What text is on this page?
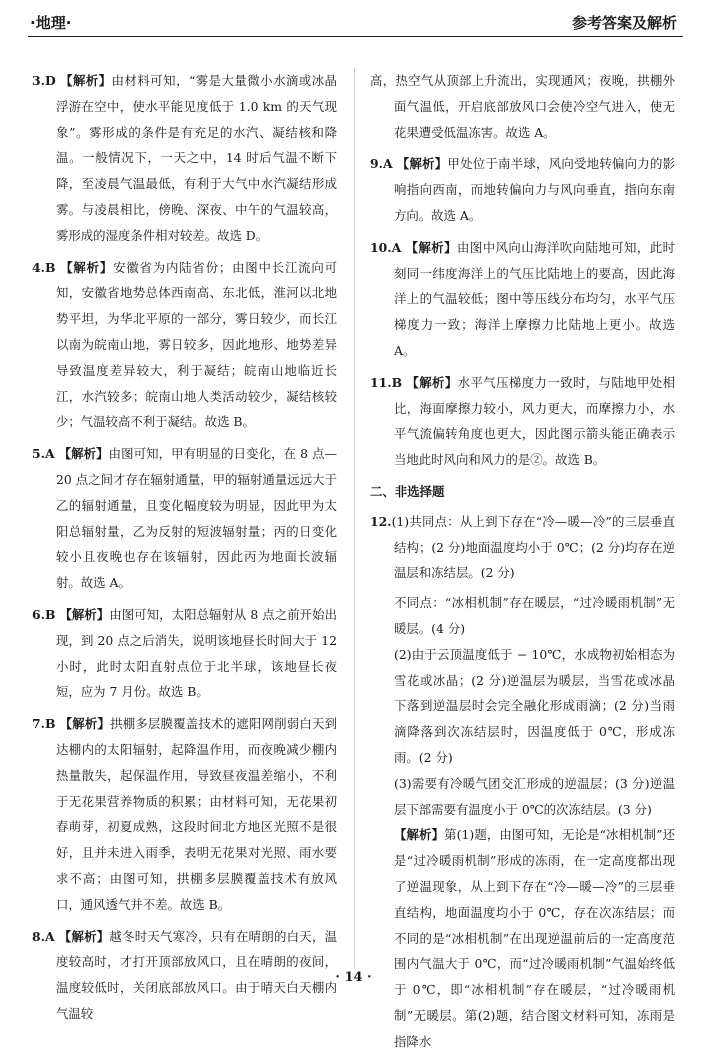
·地理·	参考答案及解析

3.D 【解析】由材料可知，“雾是大量微小水滴或冰晶浮游在空中，使水平能见度低于 1.0 km 的天气现象”。雾形成的条件是有充足的水汽、凝结核和降温。一般情况下，一天之中，14 时后气温不断下降，至凌晨气温最低，有利于大气中水汽凝结形成雾。与凌晨相比，傍晚、深夜、中午的气温较高，雾形成的湿度条件相对较差。故选 D。

4.B 【解析】安徽省为内陆省份；由图中长江流向可知，安徽省地势总体西南高、东北低，淮河以北地势平坦，为华北平原的一部分，雾日较少，而长江以南为皖南山地，雾日较多，因此地形、地势差异导致温度差异较大，利于凝结；皖南山地临近长江，水汽较多；皖南山地人类活动较少，凝结核较少；气温较高不利于凝结。故选 B。

5.A 【解析】由图可知，甲有明显的日变化，在 8 点—20 点之间才存在辐射通量，甲的辐射通量远远大于乙的辐射通量，且变化幅度较为明显，因此甲为太阳总辐射量，乙为反射的短波辐射量；丙的日变化较小且夜晚也存在该辐射，因此丙为地面长波辐射。故选 A。

6.B 【解析】由图可知，太阳总辐射从 8 点之前开始出现，到 20 点之后消失，说明该地昼长时间大于 12 小时，此时太阳直射点位于北半球，该地昼长夜短，应为 7 月份。故选 B。

7.B 【解析】拱棚多层膜覆盖技术的遮阳网削弱白天到达棚内的太阳辐射，起降温作用，而夜晚减少棚内热量散失，起保温作用，导致昼夜温差缩小，不利于无花果营养物质的积累；由材料可知，无花果初春萌芽，初夏成熟，这段时间北方地区光照不是很好，且并未进入雨季，表明无花果对光照、雨水要求不高；由图可知，拱棚多层膜覆盖技术有放风口，通风透气并不差。故选 B。

8.A 【解析】越冬时天气寒冷，只有在晴朗的白天，温度较高时，才打开顶部放风口，且在晴朗的夜间，温度较低时，关闭底部放风口。由于晴天白天棚内气温较

高，热空气从顶部上升流出，实现通风；夜晚，拱棚外面气温低，开启底部放风口会使冷空气进入，使无花果遭受低温冻害。故选 A。

9.A 【解析】甲处位于南半球，风向受地转偏向力的影响指向西南，而地转偏向力与风向垂直，指向东南方向。故选 A。

10.A 【解析】由图中风向山海洋吹向陆地可知，此时刻同一纬度海洋上的气压比陆地上的要高，因此海洋上的气温较低；图中等压线分布均匀，水平气压梯度力一致；海洋上摩擦力比陆地上更小。故选 A。

11.B 【解析】水平气压梯度力一致时，与陆地甲处相比，海面摩擦力较小，风力更大，而摩擦力小，水平气流偏转角度也更大，因此图示箭头能正确表示当地此时风向和风力的是②。故选 B。

二、非选择题

12.(1)共同点：从上到下存在“冷—暖—冷”的三层垂直结构；(2 分)地面温度均小于 0℃；(2 分)均存在逆温层和冻结层。(2 分)

不同点：“冰相机制”存在暖层，“过冷暖雨机制”无暖层。(4 分)

(2)由于云顶温度低于 − 10℃，水成物初始相态为雪花或冰晶；(2 分)逆温层为暖层，当雪花或冰晶下落到逆温层时会完全融化形成雨滴；(2 分)当雨滴降落到次冻结层时，因温度低于 0℃，形成冻雨。(2 分)

(3)需要有冷暖气团交汇形成的逆温层；(3 分)逆温层下部需要有温度小于 0℃的次冻结层。(3 分)

【解析】第(1)题，由图可知，无论是“冰相机制”还是“过冷暖雨机制”形成的冻雨，在一定高度都出现了逆温现象，从上到下存在“冷—暖—冷”的三层垂直结构，地面温度均小于 0℃，存在次冻结层；而不同的是“冰相机制”在出现逆温前后的一定高度范围内气温大于 0℃，而“过冷暖雨机制”气温始终低于 0℃，即“冰相机制”存在暖层，“过冷暖雨机制”无暖层。第(2)题，结合图文材料可知，冻雨是指降水

· 14 ·
